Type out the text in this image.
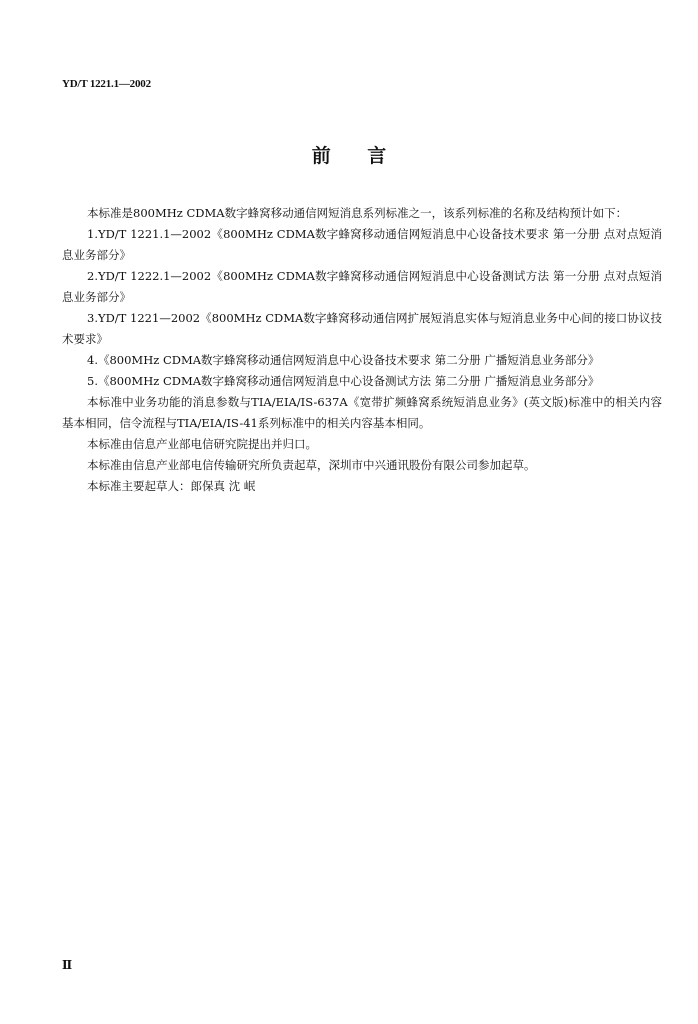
YD/T 1221.1—2002
前 言

本标准是800MHz CDMA数字蜂窝移动通信网短消息系列标准之一，该系列标准的名称及结构预计如下：

1.YD/T 1221.1—2002《800MHz CDMA数字蜂窝移动通信网短消息中心设备技术要求 第一分册 点对点短消息业务部分》

2.YD/T 1222.1—2002《800MHz CDMA数字蜂窝移动通信网短消息中心设备测试方法 第一分册 点对点短消息业务部分》

3.YD/T 1221—2002《800MHz CDMA数字蜂窝移动通信网扩展短消息实体与短消息业务中心间的接口协议技术要求》

4.《800MHz CDMA数字蜂窝移动通信网短消息中心设备技术要求 第二分册 广播短消息业务部分》

5.《800MHz CDMA数字蜂窝移动通信网短消息中心设备测试方法 第二分册 广播短消息业务部分》

本标准中业务功能的消息参数与TIA/EIA/IS-637A《宽带扩频蜂窝系统短消息业务》(英文版)标准中的相关内容基本相同，信令流程与TIA/EIA/IS-41系列标准中的相关内容基本相同。

本标准由信息产业部电信研究院提出并归口。

本标准由信息产业部电信传输研究所负责起草，深圳市中兴通讯股份有限公司参加起草。

本标准主要起草人：郎保真 沈 岷

Ⅱ
